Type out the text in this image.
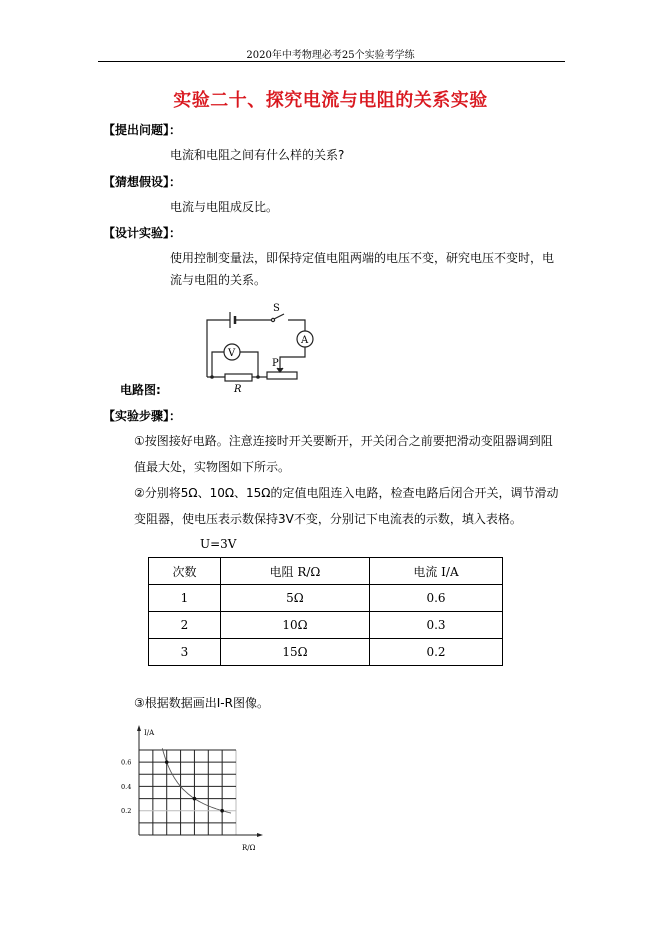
2020年中考物理必考25个实验考学练
实验二十、探究电流与电阻的关系实验
【提出问题】：
电流和电阻之间有什么样的关系?
【猜想假设】：
电流与电阻成反比。
【设计实验】：
使用控制变量法，即保持定值电阻两端的电压不变，研究电压不变时，电流与电阻的关系。
电路图:
S
A
V
P
R
【实验步骤】：
①按图接好电路。注意连接时开关要断开，开关闭合之前要把滑动变阻器调到阻值最大处，实物图如下所示。
②分别将5Ω、10Ω、15Ω的定值电阻连入电路，检查电路后闭合开关，调节滑动变阻器，使电压表示数保持3V不变，分别记下电流表的示数，填入表格。
U=3V
次数	电阻 R/Ω	电流 I/A
1	5Ω	0.6
2	10Ω	0.3
3	15Ω	0.2
③根据数据画出I-R图像。
0.6
0.4
0.2
I/A
R/Ω
